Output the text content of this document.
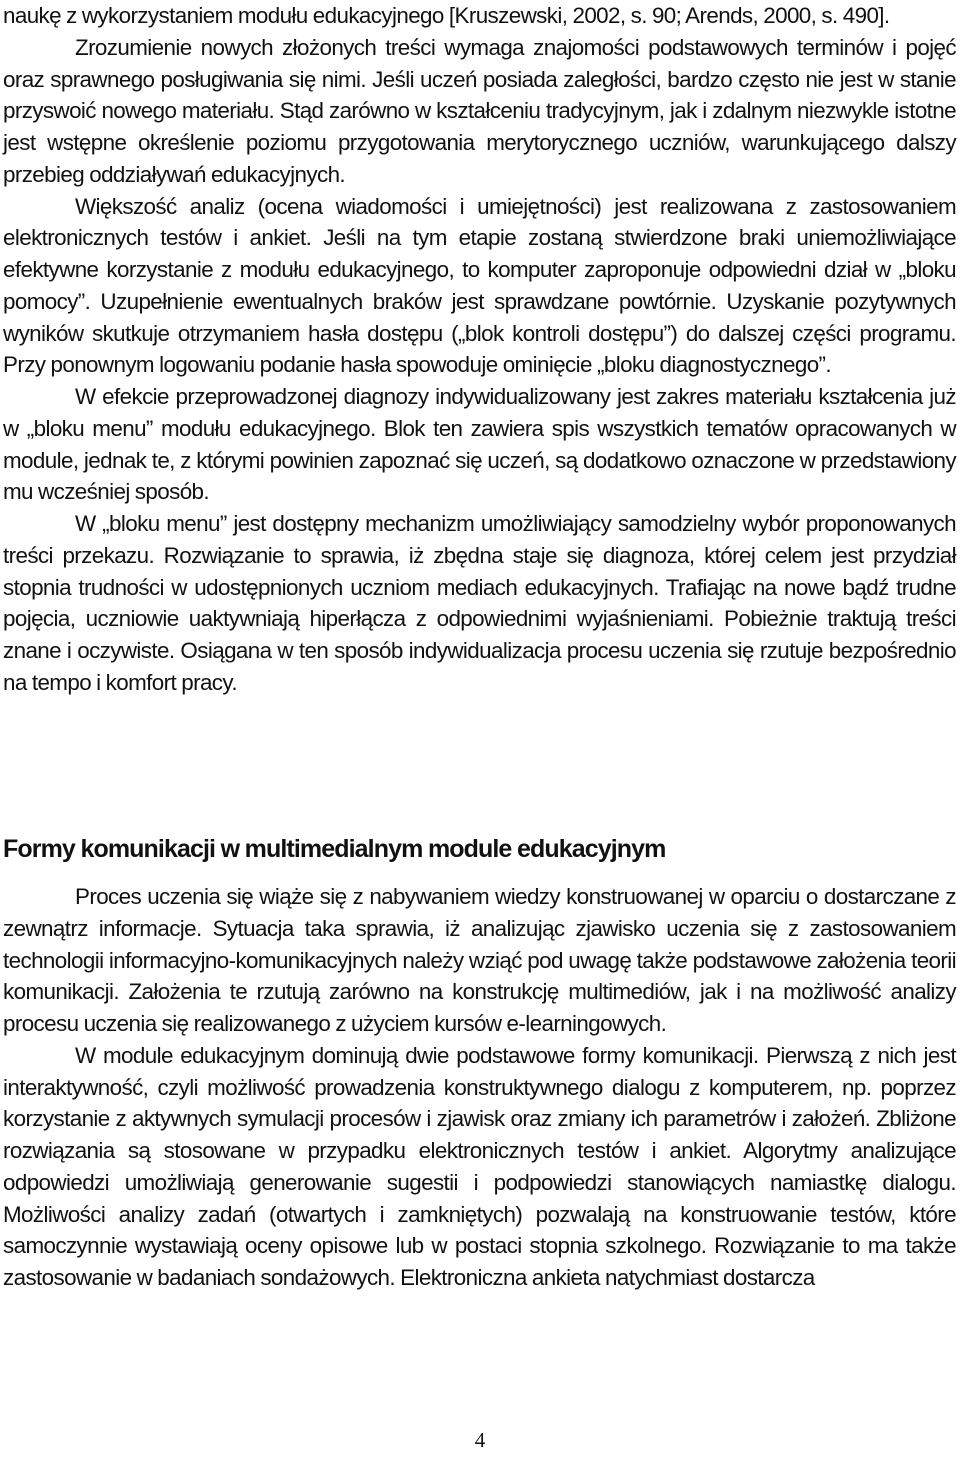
naukę z wykorzystaniem modułu edukacyjnego [Kruszewski, 2002, s. 90; Arends, 2000, s. 490].

Zrozumienie nowych złożonych treści wymaga znajomości podstawowych terminów i pojęć oraz sprawnego posługiwania się nimi. Jeśli uczeń posiada zaległości, bardzo często nie jest w stanie przyswoić nowego materiału. Stąd zarówno w kształceniu tradycyjnym, jak i zdalnym niezwykle istotne jest wstępne określenie poziomu przygotowania merytorycznego uczniów, warunkującego dalszy przebieg oddziaływań edukacyjnych.

Większość analiz (ocena wiadomości i umiejętności) jest realizowana z zastosowaniem elektronicznych testów i ankiet. Jeśli na tym etapie zostaną stwierdzone braki uniemożliwiające efektywne korzystanie z modułu edukacyjnego, to komputer zaproponuje odpowiedni dział w „bloku pomocy”. Uzupełnienie ewentualnych braków jest sprawdzane powtórnie. Uzyskanie pozytywnych wyników skutkuje otrzymaniem hasła dostępu („blok kontroli dostępu”) do dalszej części programu. Przy ponownym logowaniu podanie hasła spowoduje ominięcie „bloku diagnostycznego”.

W efekcie przeprowadzonej diagnozy indywidualizowany jest zakres materiału kształcenia już w „bloku menu” modułu edukacyjnego. Blok ten zawiera spis wszystkich tematów opracowanych w module, jednak te, z którymi powinien zapoznać się uczeń, są dodatkowo oznaczone w przedstawiony mu wcześniej sposób.

W „bloku menu” jest dostępny mechanizm umożliwiający samodzielny wybór proponowanych treści przekazu. Rozwiązanie to sprawia, iż zbędna staje się diagnoza, której celem jest przydział stopnia trudności w udostępnionych uczniom mediach edukacyjnych. Trafiając na nowe bądź trudne pojęcia, uczniowie uaktywniają hiperłącza z odpowiednimi wyjaśnieniami. Pobieżnie traktują treści znane i oczywiste. Osiągana w ten sposób indywidualizacja procesu uczenia się rzutuje bezpośrednio na tempo i komfort pracy.

Formy komunikacji w multimedialnym module edukacyjnym

Proces uczenia się wiąże się z nabywaniem wiedzy konstruowanej w oparciu o dostarczane z zewnątrz informacje. Sytuacja taka sprawia, iż analizując zjawisko uczenia się z zastosowaniem technologii informacyjno-komunikacyjnych należy wziąć pod uwagę także podstawowe założenia teorii komunikacji. Założenia te rzutują zarówno na konstrukcję multimediów, jak i na możliwość analizy procesu uczenia się realizowanego z użyciem kursów e-learningowych.

W module edukacyjnym dominują dwie podstawowe formy komunikacji. Pierwszą z nich jest interaktywność, czyli możliwość prowadzenia konstruktywnego dialogu z komputerem, np. poprzez korzystanie z aktywnych symulacji procesów i zjawisk oraz zmiany ich parametrów i założeń. Zbliżone rozwiązania są stosowane w przypadku elektronicznych testów i ankiet. Algorytmy analizujące odpowiedzi umożliwiają generowanie sugestii i podpowiedzi stanowiących namiastkę dialogu. Możliwości analizy zadań (otwartych i zamkniętych) pozwalają na konstruowanie testów, które samoczynnie wystawiają oceny opisowe lub w postaci stopnia szkolnego. Rozwiązanie to ma także zastosowanie w badaniach sondażowych. Elektroniczna ankieta natychmiast dostarcza

4
